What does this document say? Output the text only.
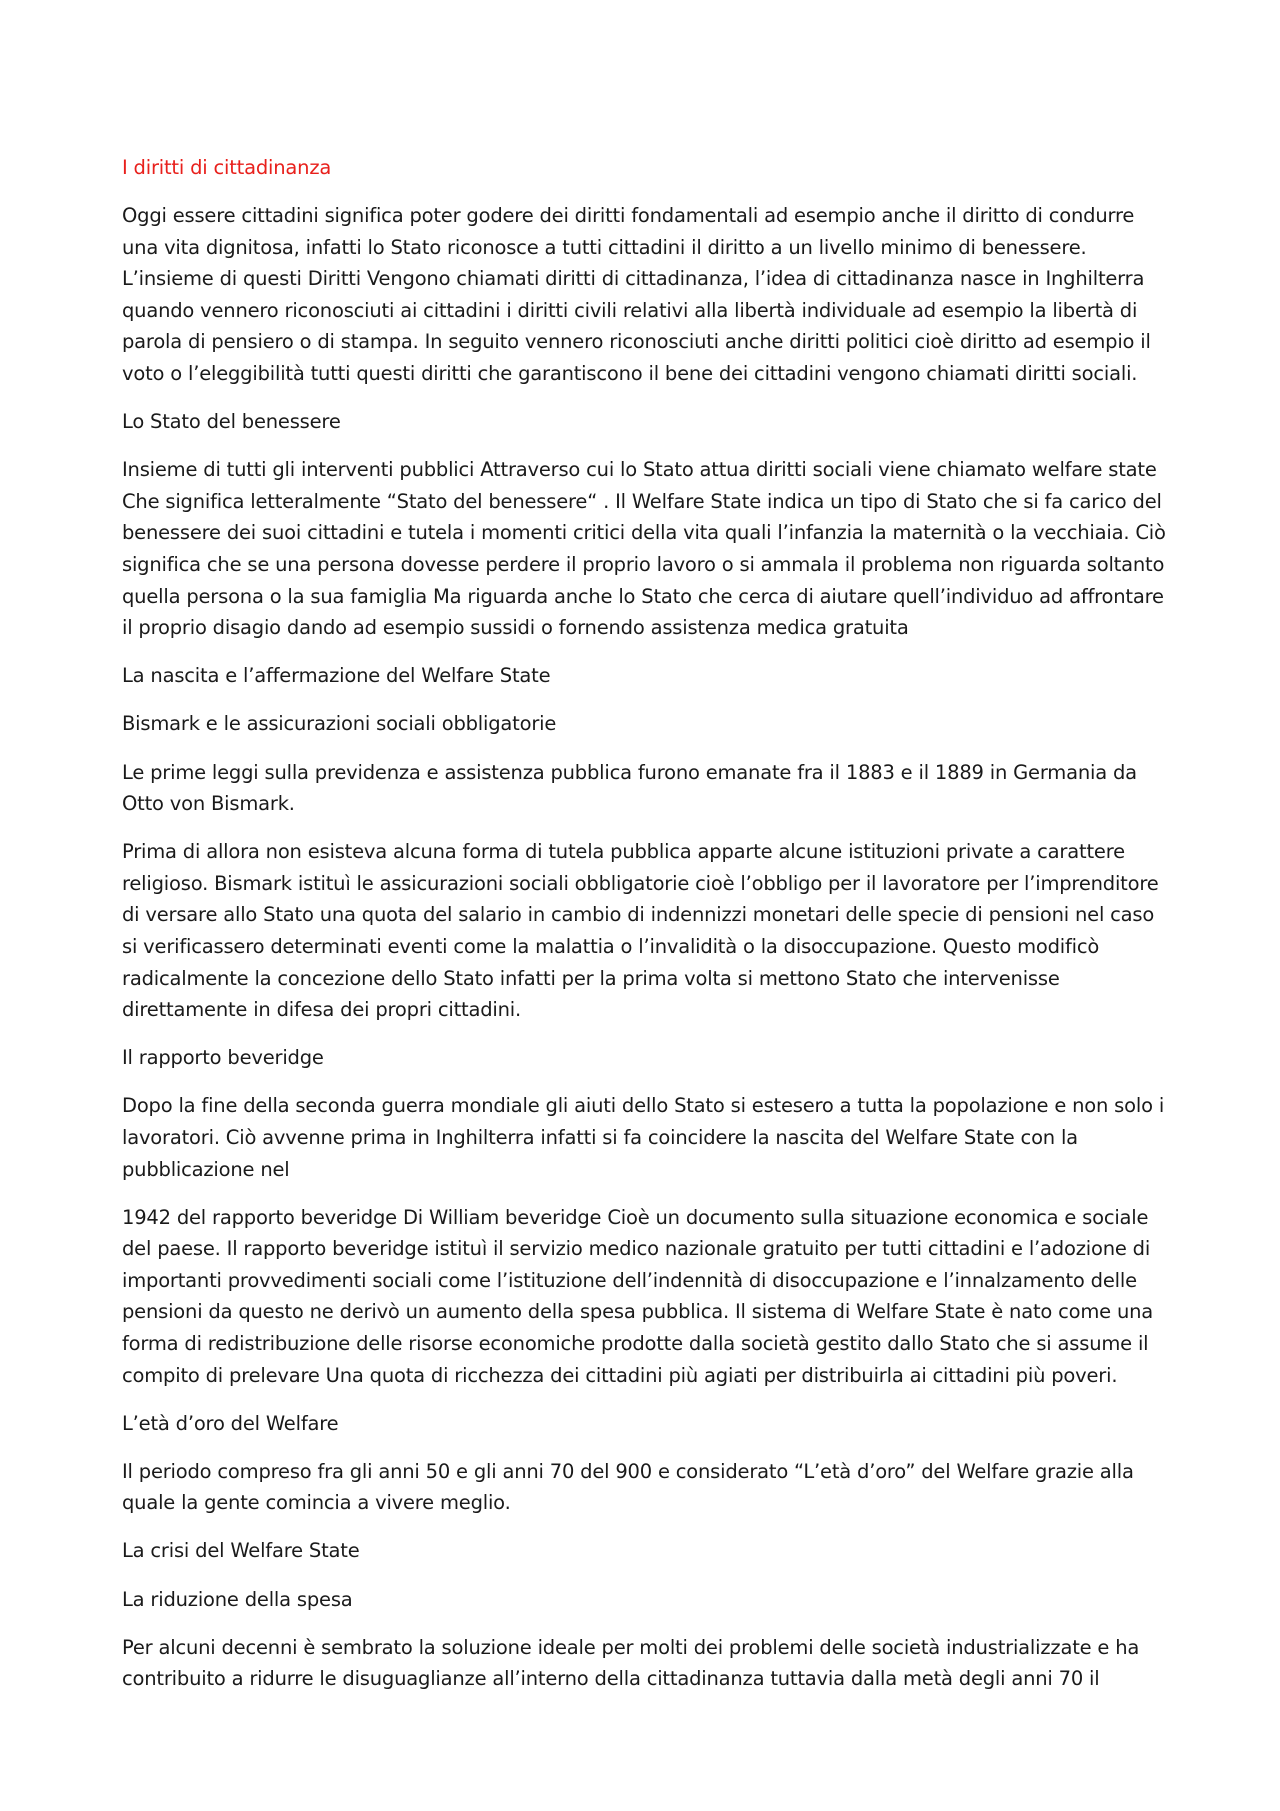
I diritti di cittadinanza

Oggi essere cittadini significa poter godere dei diritti fondamentali ad esempio anche il diritto di condurre una vita dignitosa, infatti lo Stato riconosce a tutti cittadini il diritto a un livello minimo di benessere. L’insieme di questi Diritti Vengono chiamati diritti di cittadinanza, l’idea di cittadinanza nasce in Inghilterra quando vennero riconosciuti ai cittadini i diritti civili relativi alla libertà individuale ad esempio la libertà di parola di pensiero o di stampa. In seguito vennero riconosciuti anche diritti politici cioè diritto ad esempio il voto o l’eleggibilità tutti questi diritti che garantiscono il bene dei cittadini vengono chiamati diritti sociali.

Lo Stato del benessere

Insieme di tutti gli interventi pubblici Attraverso cui lo Stato attua diritti sociali viene chiamato welfare state Che significa letteralmente “Stato del benessere“ . Il Welfare State indica un tipo di Stato che si fa carico del benessere dei suoi cittadini e tutela i momenti critici della vita quali l’infanzia la maternità o la vecchiaia. Ciò significa che se una persona dovesse perdere il proprio lavoro o si ammala il problema non riguarda soltanto quella persona o la sua famiglia Ma riguarda anche lo Stato che cerca di aiutare quell’individuo ad affrontare il proprio disagio dando ad esempio sussidi o fornendo assistenza medica gratuita

La nascita e l’affermazione del Welfare State

Bismark e le assicurazioni sociali obbligatorie

Le prime leggi sulla previdenza e assistenza pubblica furono emanate fra il 1883 e il 1889 in Germania da Otto von Bismark.

Prima di allora non esisteva alcuna forma di tutela pubblica apparte alcune istituzioni private a carattere religioso. Bismark istituì le assicurazioni sociali obbligatorie cioè l’obbligo per il lavoratore per l’imprenditore di versare allo Stato una quota del salario in cambio di indennizzi monetari delle specie di pensioni nel caso si verificassero determinati eventi come la malattia o l’invalidità o la disoccupazione. Questo modificò radicalmente la concezione dello Stato infatti per la prima volta si mettono Stato che intervenisse direttamente in difesa dei propri cittadini.

Il rapporto beveridge

Dopo la fine della seconda guerra mondiale gli aiuti dello Stato si estesero a tutta la popolazione e non solo i lavoratori. Ciò avvenne prima in Inghilterra infatti si fa coincidere la nascita del Welfare State con la pubblicazione nel

1942 del rapporto beveridge Di William beveridge Cioè un documento sulla situazione economica e sociale del paese. Il rapporto beveridge istituì il servizio medico nazionale gratuito per tutti cittadini e l’adozione di importanti provvedimenti sociali come l’istituzione dell’indennità di disoccupazione e l’innalzamento delle pensioni da questo ne derivò un aumento della spesa pubblica. Il sistema di Welfare State è nato come una forma di redistribuzione delle risorse economiche prodotte dalla società gestito dallo Stato che si assume il compito di prelevare Una quota di ricchezza dei cittadini più agiati per distribuirla ai cittadini più poveri.

L’età d’oro del Welfare

Il periodo compreso fra gli anni 50 e gli anni 70 del 900 e considerato “L’età d’oro” del Welfare grazie alla quale la gente comincia a vivere meglio.

La crisi del Welfare State

La riduzione della spesa

Per alcuni decenni è sembrato la soluzione ideale per molti dei problemi delle società industrializzate e ha contribuito a ridurre le disuguaglianze all’interno della cittadinanza tuttavia dalla metà degli anni 70 il
